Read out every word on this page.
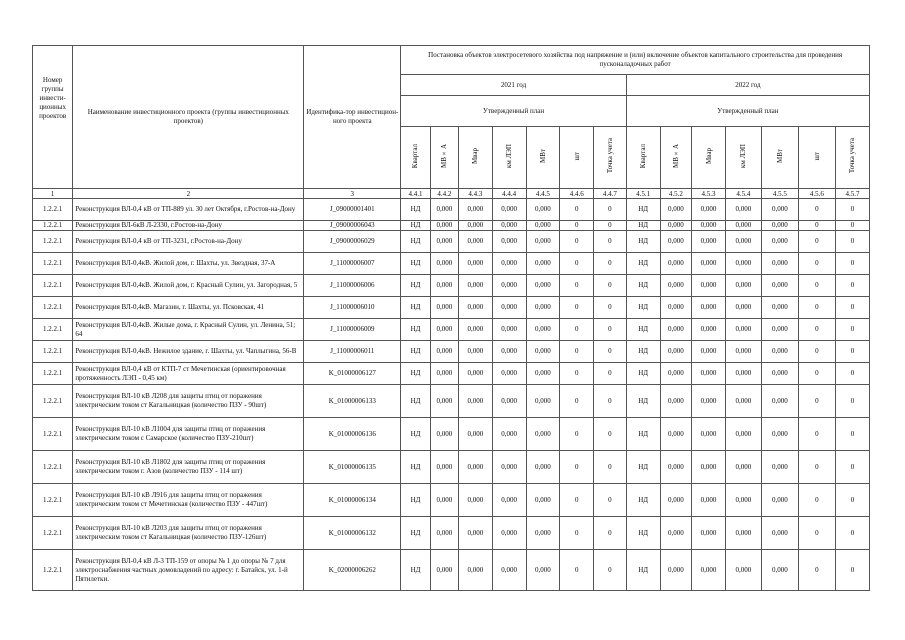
Номер группы инвести-ционных проектов	Наименование инвестиционного проекта (группы инвестиционных проектов)	Идентифика-тор инвестицион-ного проекта	Постановка объектов электросетевого хозяйства под напряжение и (или) включение объектов капитального строительства для проведения пусконаладочных работ													
			2021 год							2022 год						
			Утвержденный план							Утвержденный план						
			Квартал	МВ×А	Мвар	км ЛЭП	МВт	шт	Точка учета	Квартал	МВ×А	Мвар	км ЛЭП	МВт	шт	Точка учета
1	2	3	4.4.1	4.4.2	4.4.3	4.4.4	4.4.5	4.4.6	4.4.7	4.5.1	4.5.2	4.5.3	4.5.4	4.5.5	4.5.6	4.5.7
1.2.2.1	Реконструкция ВЛ-0,4 кВ от ТП-889 ул. 30 лет Октября, г.Ростов-на-Дону	J_09000001401	НД	0,000	0,000	0,000	0,000	0	0	НД	0,000	0,000	0,000	0,000	0	0
1.2.2.1	Реконструкция ВЛ-6кВ Л-2330, г.Ростов-на-Дону	J_09000006043	НД	0,000	0,000	0,000	0,000	0	0	НД	0,000	0,000	0,000	0,000	0	0
1.2.2.1	Реконструкция ВЛ-0,4 кВ от ТП-3231, г.Ростов-на-Дону	J_09000006029	НД	0,000	0,000	0,000	0,000	0	0	НД	0,000	0,000	0,000	0,000	0	0
1.2.2.1	Реконструкция ВЛ-0,4кВ. Жилой дом, г. Шахты, ул. Звездная, 37-А	J_11000006007	НД	0,000	0,000	0,000	0,000	0	0	НД	0,000	0,000	0,000	0,000	0	0
1.2.2.1	Реконструкция ВЛ-0,4кВ. Жилой дом, г. Красный Сулин, ул. Загородная, 5	J_11000006006	НД	0,000	0,000	0,000	0,000	0	0	НД	0,000	0,000	0,000	0,000	0	0
1.2.2.1	Реконструкция ВЛ-0,4кВ. Магазин, г. Шахты, ул. Псковская, 41	J_11000006010	НД	0,000	0,000	0,000	0,000	0	0	НД	0,000	0,000	0,000	0,000	0	0
1.2.2.1	Реконструкция ВЛ-0,4кВ. Жилые дома, г. Красный Сулин, ул. Ленина, 51; 64	J_11000006009	НД	0,000	0,000	0,000	0,000	0	0	НД	0,000	0,000	0,000	0,000	0	0
1.2.2.1	Реконструкция ВЛ-0,4кВ. Нежилое здание, г. Шахты, ул. Чаплыгина, 56-В	J_11000006011	НД	0,000	0,000	0,000	0,000	0	0	НД	0,000	0,000	0,000	0,000	0	0
1.2.2.1	Реконструкция ВЛ-0,4 кВ от КТП-7 ст Мечетинская (ориентировочная протяженность ЛЭП - 0,45 км)	K_01000006127	НД	0,000	0,000	0,000	0,000	0	0	НД	0,000	0,000	0,000	0,000	0	0
1.2.2.1	Реконструкция ВЛ-10 кВ Л208 для защиты птиц от поражения электрическим током ст Кагальницкая (количество ПЗУ - 90шт)	K_01000006133	НД	0,000	0,000	0,000	0,000	0	0	НД	0,000	0,000	0,000	0,000	0	0
1.2.2.1	Реконструкция ВЛ-10 кВ Л1004 для защиты птиц от поражения электрическим током с Самарское (количество ПЗУ-210шт)	K_01000006136	НД	0,000	0,000	0,000	0,000	0	0	НД	0,000	0,000	0,000	0,000	0	0
1.2.2.1	Реконструкция ВЛ-10 кВ Л1802 для защиты птиц от поражения электрическим током г. Азов (количество ПЗУ - 114 шт)	K_01000006135	НД	0,000	0,000	0,000	0,000	0	0	НД	0,000	0,000	0,000	0,000	0	0
1.2.2.1	Реконструкция ВЛ-10 кВ Л916 для защиты птиц от поражения электрическим током ст Мечетинская (количество ПЗУ - 447шт)	K_01000006134	НД	0,000	0,000	0,000	0,000	0	0	НД	0,000	0,000	0,000	0,000	0	0
1.2.2.1	Реконструкция ВЛ-10 кВ Л203 для защиты птиц от поражения электрическим током ст Кагальницкая (количество ПЗУ-126шт)	K_01000006132	НД	0,000	0,000	0,000	0,000	0	0	НД	0,000	0,000	0,000	0,000	0	0
1.2.2.1	Реконструкция ВЛ-0,4 кВ Л-3 ТП-159 от опоры № 1 до опоры № 7 для электроснабжения частных домовладений по адресу: г. Батайск, ул. 1-й Пятилетки.	K_02000006262	НД	0,000	0,000	0,000	0,000	0	0	НД	0,000	0,000	0,000	0,000	0	0
